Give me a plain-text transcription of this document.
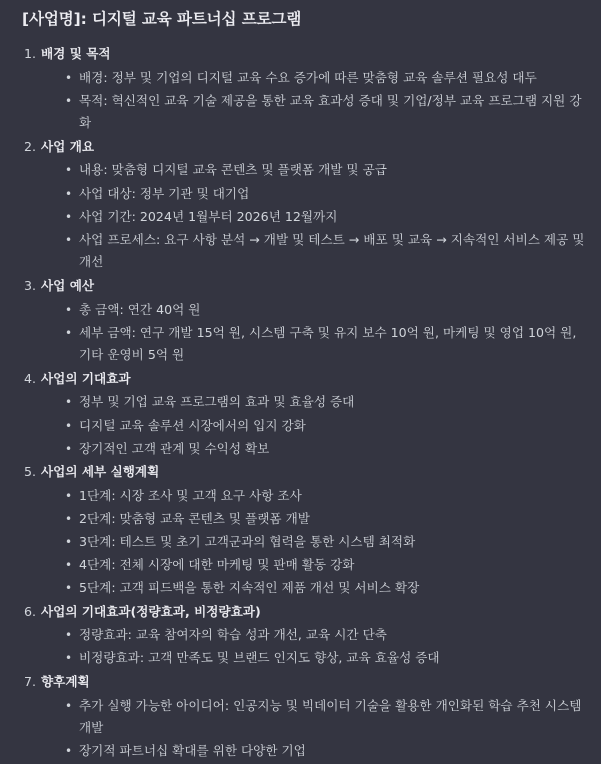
[사업명]: 디지털 교육 파트너십 프로그램
1. 배경 및 목적
• 배경: 정부 및 기업의 디지털 교육 수요 증가에 따른 맞춤형 교육 솔루션 필요성 대두
• 목적: 혁신적인 교육 기술 제공을 통한 교육 효과성 증대 및 기업/정부 교육 프로그램 지원 강화
2. 사업 개요
• 내용: 맞춤형 디지털 교육 콘텐츠 및 플랫폼 개발 및 공급
• 사업 대상: 정부 기관 및 대기업
• 사업 기간: 2024년 1월부터 2026년 12월까지
• 사업 프로세스: 요구 사항 분석 → 개발 및 테스트 → 배포 및 교육 → 지속적인 서비스 제공 및 개선
3. 사업 예산
• 총 금액: 연간 40억 원
• 세부 금액: 연구 개발 15억 원, 시스템 구축 및 유지 보수 10억 원, 마케팅 및 영업 10억 원, 기타 운영비 5억 원
4. 사업의 기대효과
• 정부 및 기업 교육 프로그램의 효과 및 효율성 증대
• 디지털 교육 솔루션 시장에서의 입지 강화
• 장기적인 고객 관계 및 수익성 확보
5. 사업의 세부 실행계획
• 1단계: 시장 조사 및 고객 요구 사항 조사
• 2단계: 맞춤형 교육 콘텐츠 및 플랫폼 개발
• 3단계: 테스트 및 초기 고객군과의 협력을 통한 시스템 최적화
• 4단계: 전체 시장에 대한 마케팅 및 판매 활동 강화
• 5단계: 고객 피드백을 통한 지속적인 제품 개선 및 서비스 확장
6. 사업의 기대효과(정량효과, 비정량효과)
• 정량효과: 교육 참여자의 학습 성과 개선, 교육 시간 단축
• 비정량효과: 고객 만족도 및 브랜드 인지도 향상, 교육 효율성 증대
7. 향후계획
• 추가 실행 가능한 아이디어: 인공지능 및 빅데이터 기술을 활용한 개인화된 학습 추천 시스템 개발
• 장기적 파트너십 확대를 위한 다양한 기업
